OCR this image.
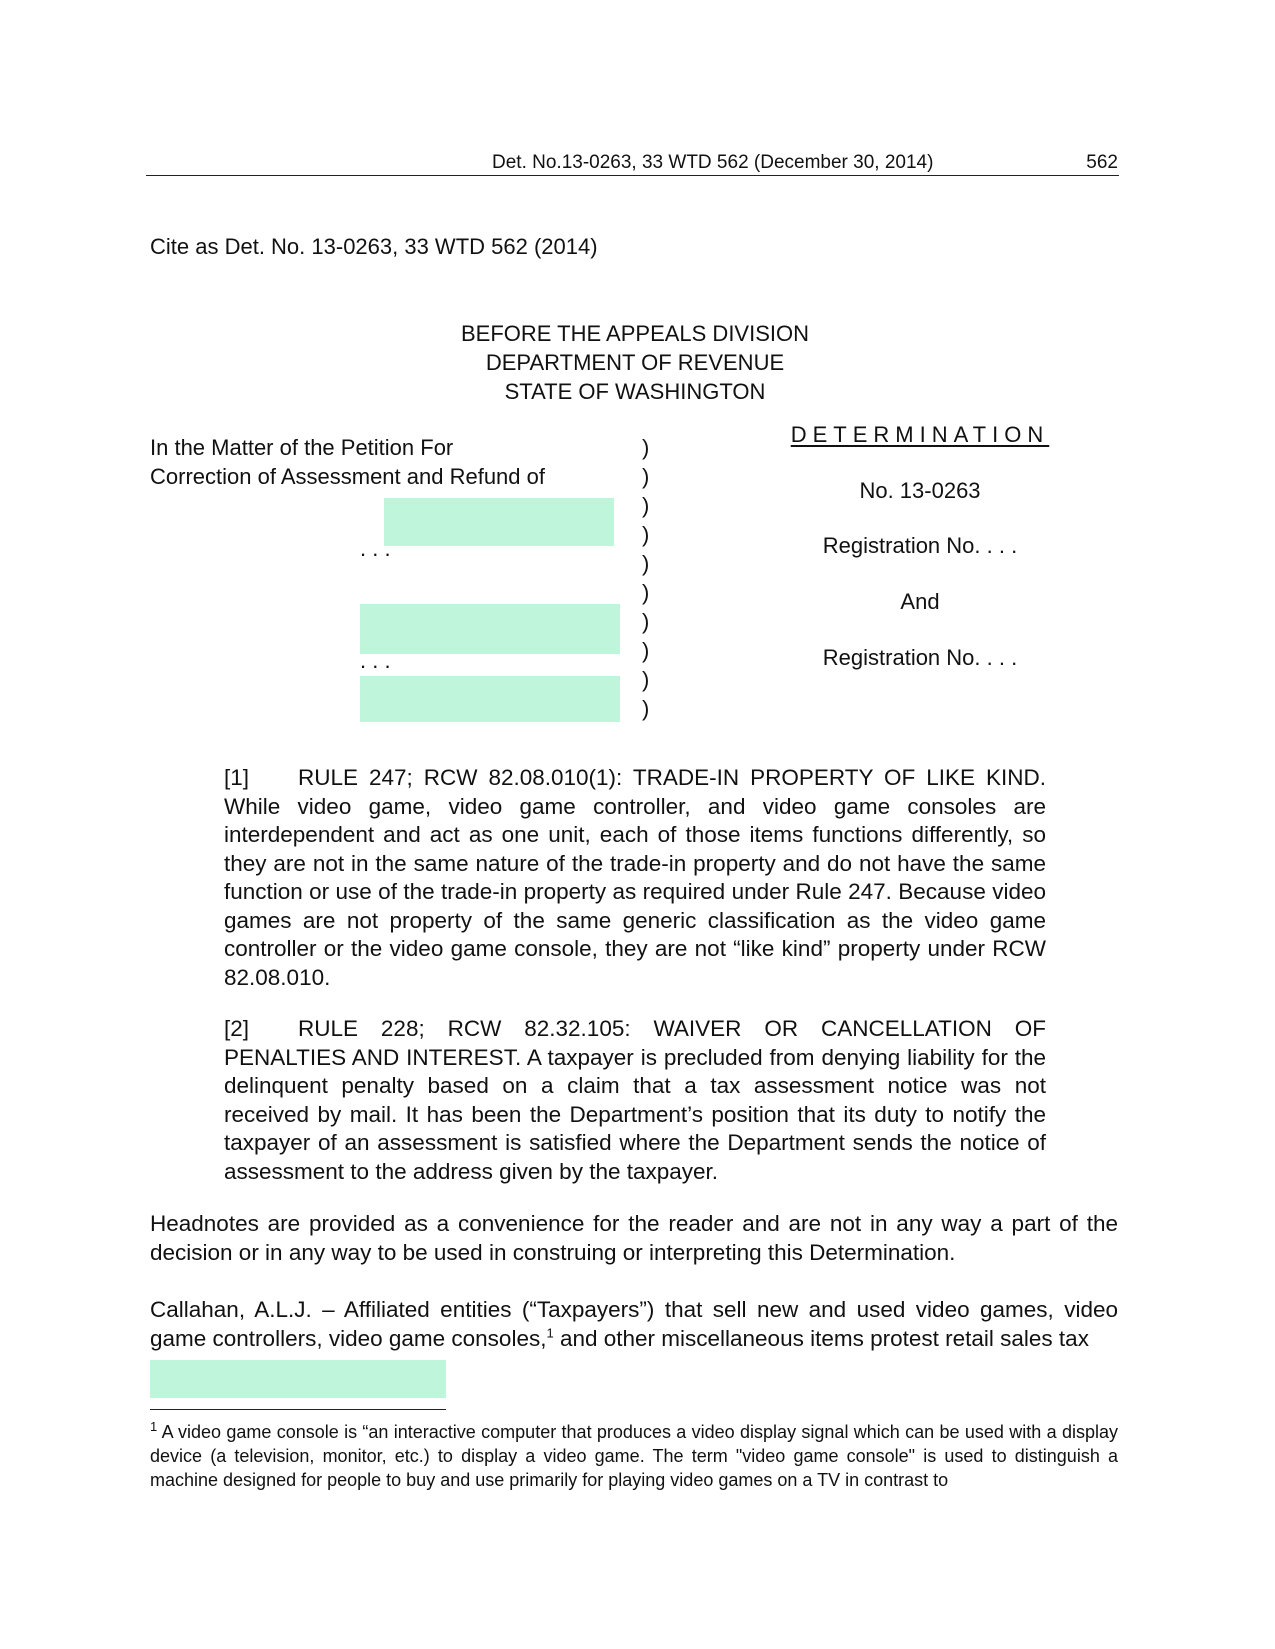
Det. No.13-0263, 33 WTD 562 (December 30, 2014)	562
Cite as Det. No. 13-0263, 33 WTD 562 (2014)
BEFORE THE APPEALS DIVISION
DEPARTMENT OF REVENUE
STATE OF WASHINGTON
In the Matter of the Petition For
Correction of Assessment and Refund of
. . .
. . .
)
)
)
)
)
)
)
)
)
)
DETERMINATION
No. 13-0263
Registration No. . . .
And
Registration No. . . .
[1] RULE 247; RCW 82.08.010(1): TRADE-IN PROPERTY OF LIKE KIND. While video game, video game controller, and video game consoles are interdependent and act as one unit, each of those items functions differently, so they are not in the same nature of the trade-in property and do not have the same function or use of the trade-in property as required under Rule 247. Because video games are not property of the same generic classification as the video game controller or the video game console, they are not “like kind” property under RCW 82.08.010.
[2] RULE 228; RCW 82.32.105: WAIVER OR CANCELLATION OF PENALTIES AND INTEREST. A taxpayer is precluded from denying liability for the delinquent penalty based on a claim that a tax assessment notice was not received by mail. It has been the Department’s position that its duty to notify the taxpayer of an assessment is satisfied where the Department sends the notice of assessment to the address given by the taxpayer.
Headnotes are provided as a convenience for the reader and are not in any way a part of the decision or in any way to be used in construing or interpreting this Determination.
Callahan, A.L.J. – Affiliated entities (“Taxpayers”) that sell new and used video games, video game controllers, video game consoles,$^1$ and other miscellaneous items protest retail sales tax
$^1$ A video game console is “an interactive computer that produces a video display signal which can be used with a display device (a television, monitor, etc.) to display a video game. The term "video game console" is used to distinguish a machine designed for people to buy and use primarily for playing video games on a TV in contrast to
